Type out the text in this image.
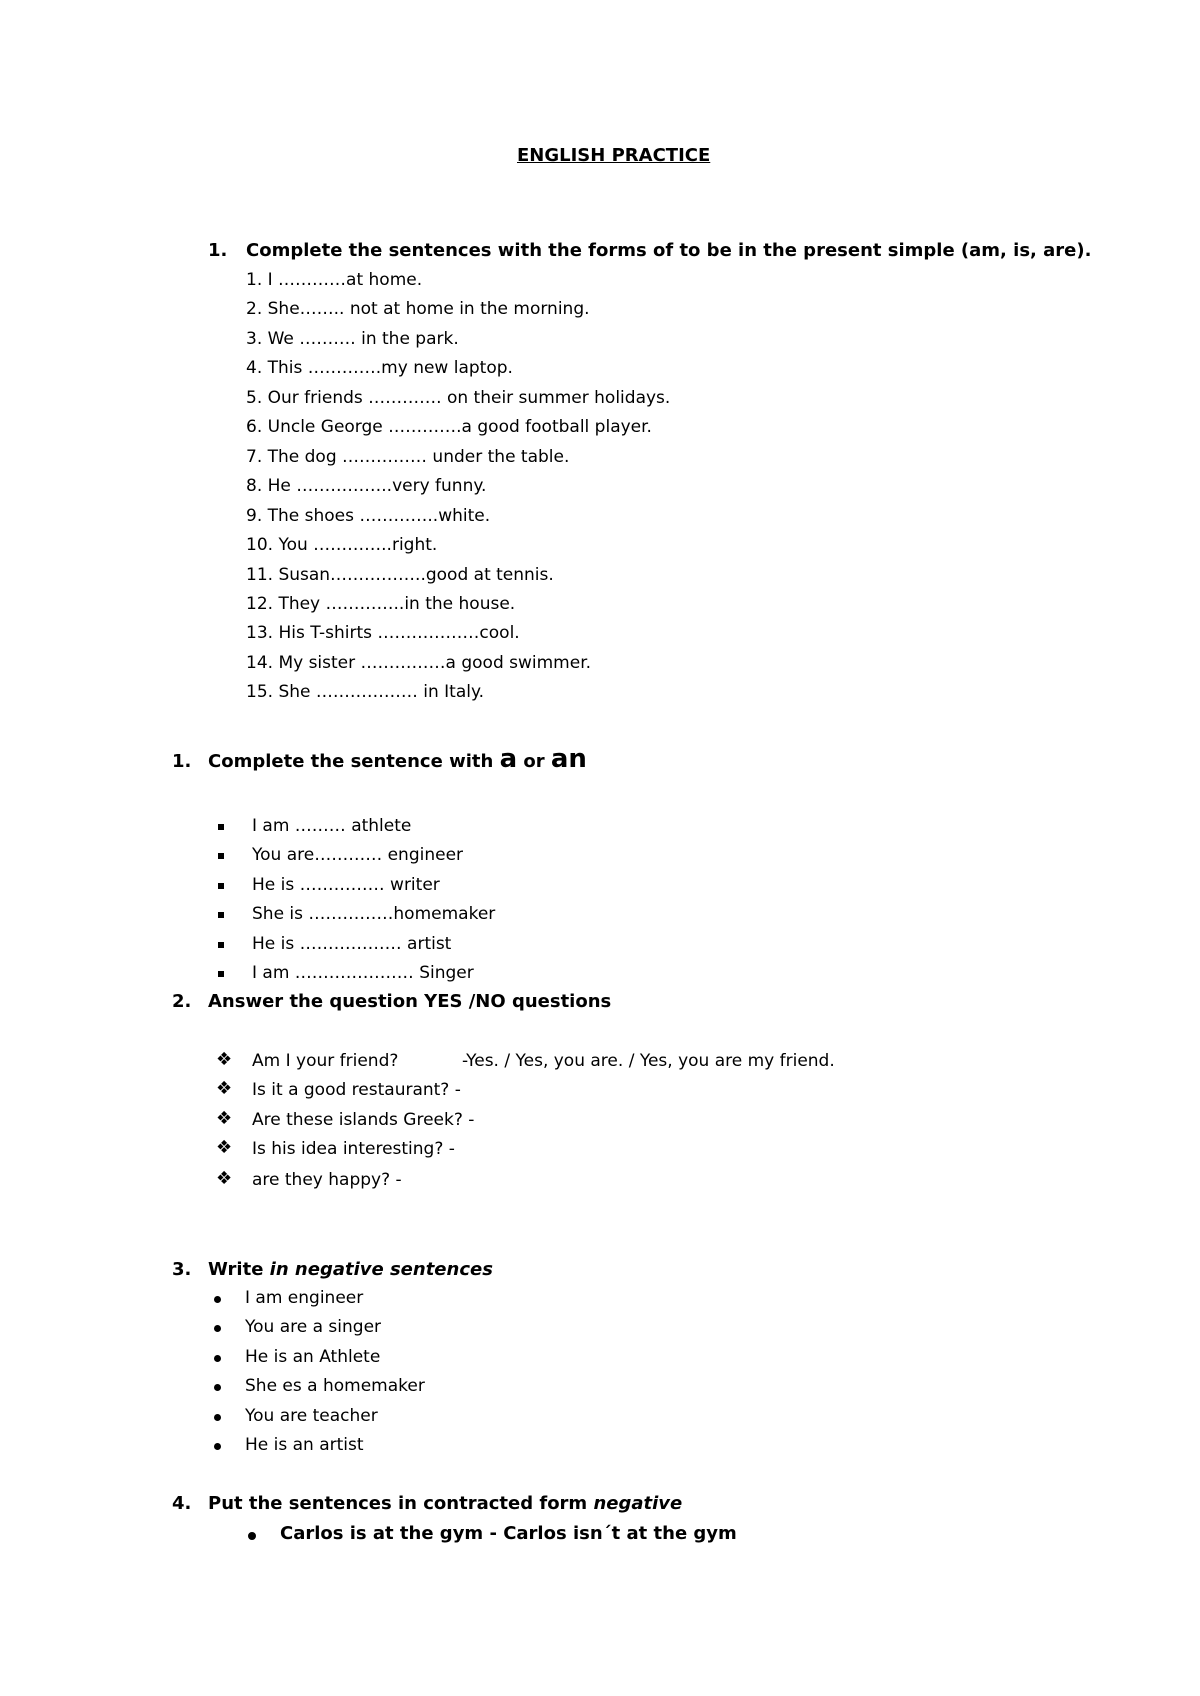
ENGLISH PRACTICE
1. Complete the sentences with the forms of to be in the present simple (am, is, are).
1. I …………at home.
2. She…….. not at home in the morning.
3. We ………. in the park.
4. This ………….my new laptop.
5. Our friends …………. on their summer holidays.
6. Uncle George ………….a good football player.
7. The dog …………… under the table.
8. He ……………..very funny.
9. The shoes …………..white.
10. You …………..right.
11. Susan……………..good at tennis.
12. They …………..in the house.
13. His T-shirts ………………cool.
14. My sister ……………a good swimmer.
15. She ……………… in Italy.
1. Complete the sentence with a or an
I am ……… athlete
You are………… engineer
He is …………… writer
She is ……………homemaker
He is ……………… artist
I am ………………… Singer
2. Answer the question YES /NO questions
❖ Am I your friend?	-Yes. / Yes, you are. / Yes, you are my friend.
❖ Is it a good restaurant? -
❖ Are these islands Greek? -
❖ Is his idea interesting? -
❖ are they happy? -
3. Write in negative sentences
I am engineer
You are a singer
He is an Athlete
She es a homemaker
You are teacher
He is an artist
4. Put the sentences in contracted form negative
Carlos is at the gym - Carlos isn´t at the gym
